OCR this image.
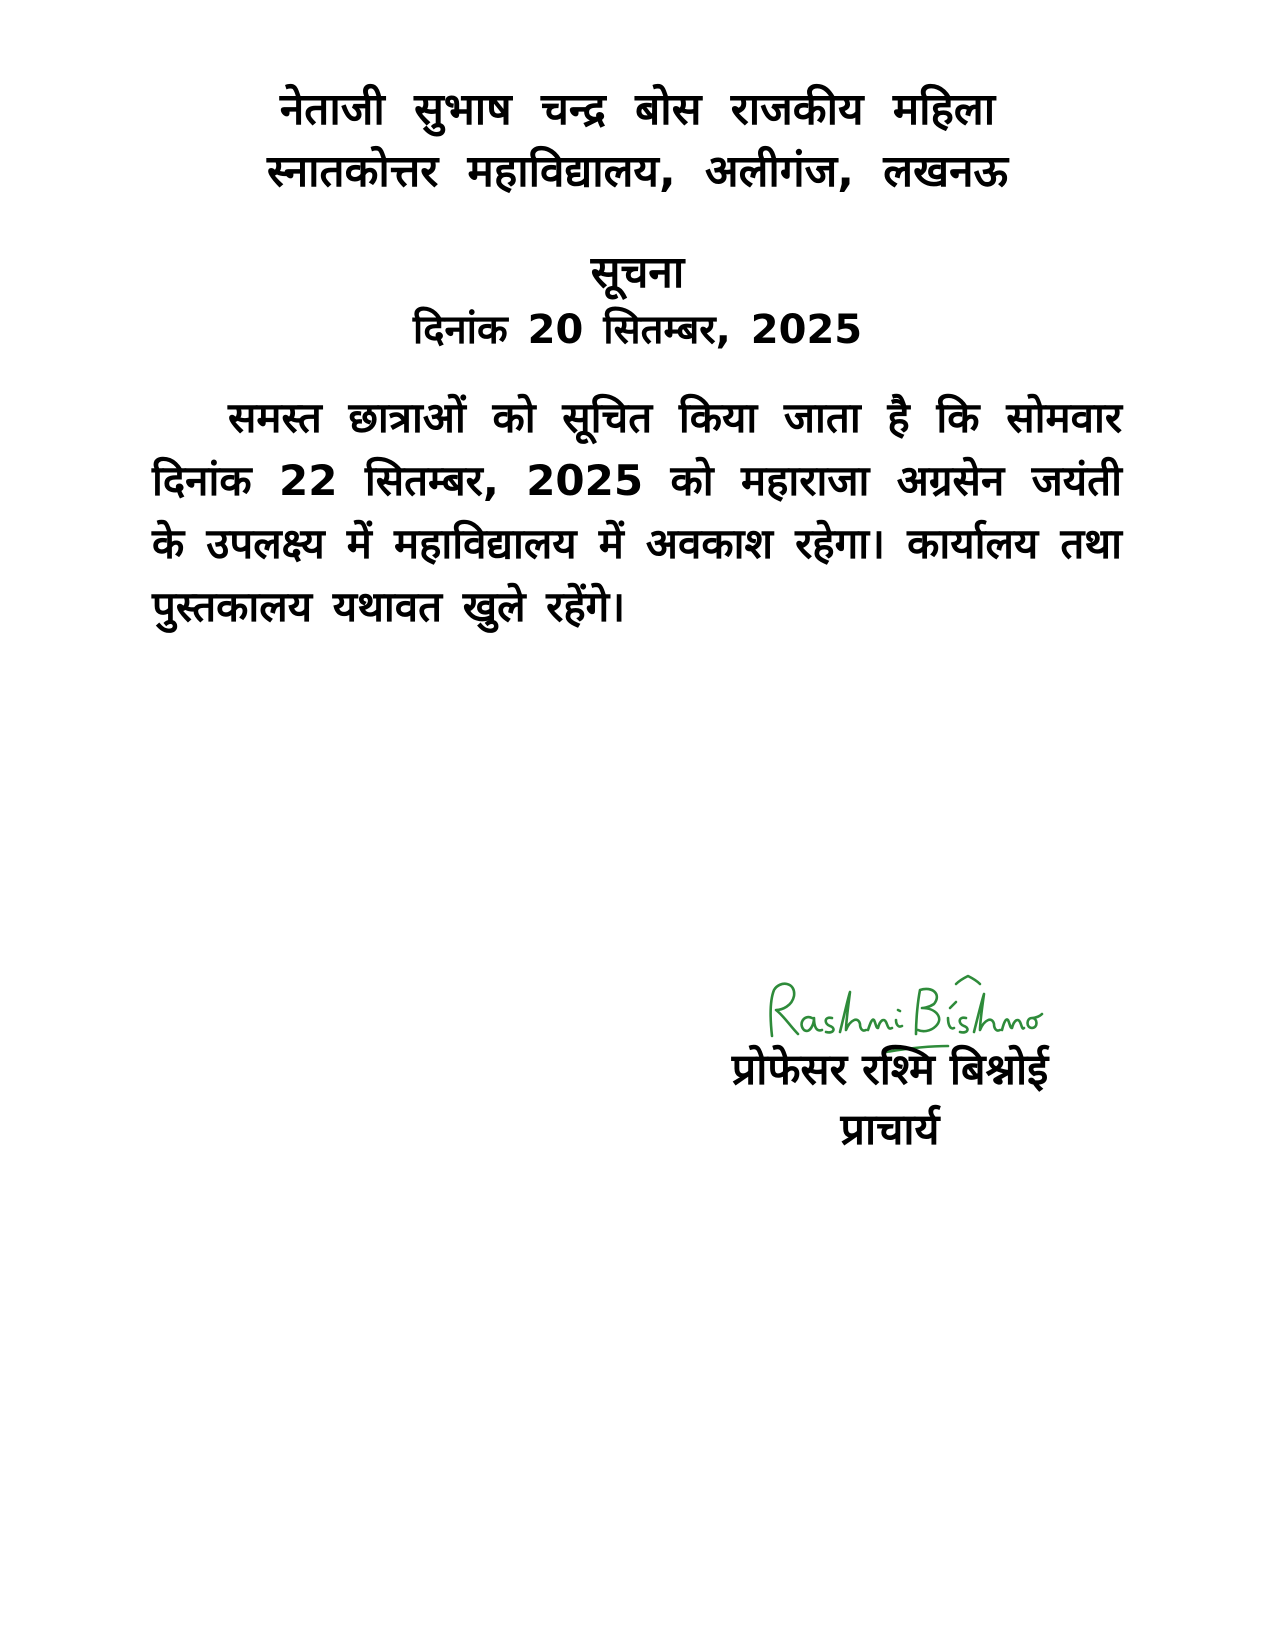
नेताजी सुभाष चन्द्र बोस राजकीय महिला
स्नातकोत्तर महाविद्यालय, अलीगंज, लखनऊ
सूचना
दिनांक 20 सितम्बर, 2025
समस्त छात्राओं को सूचित किया जाता है कि सोमवार दिनांक 22 सितम्बर, 2025 को महाराजा अग्रसेन जयंती के उपलक्ष्य में महाविद्यालय में अवकाश रहेगा। कार्यालय तथा पुस्तकालय यथावत खुले रहेंगे।
प्रोफेसर रश्मि बिश्नोई
प्राचार्य
